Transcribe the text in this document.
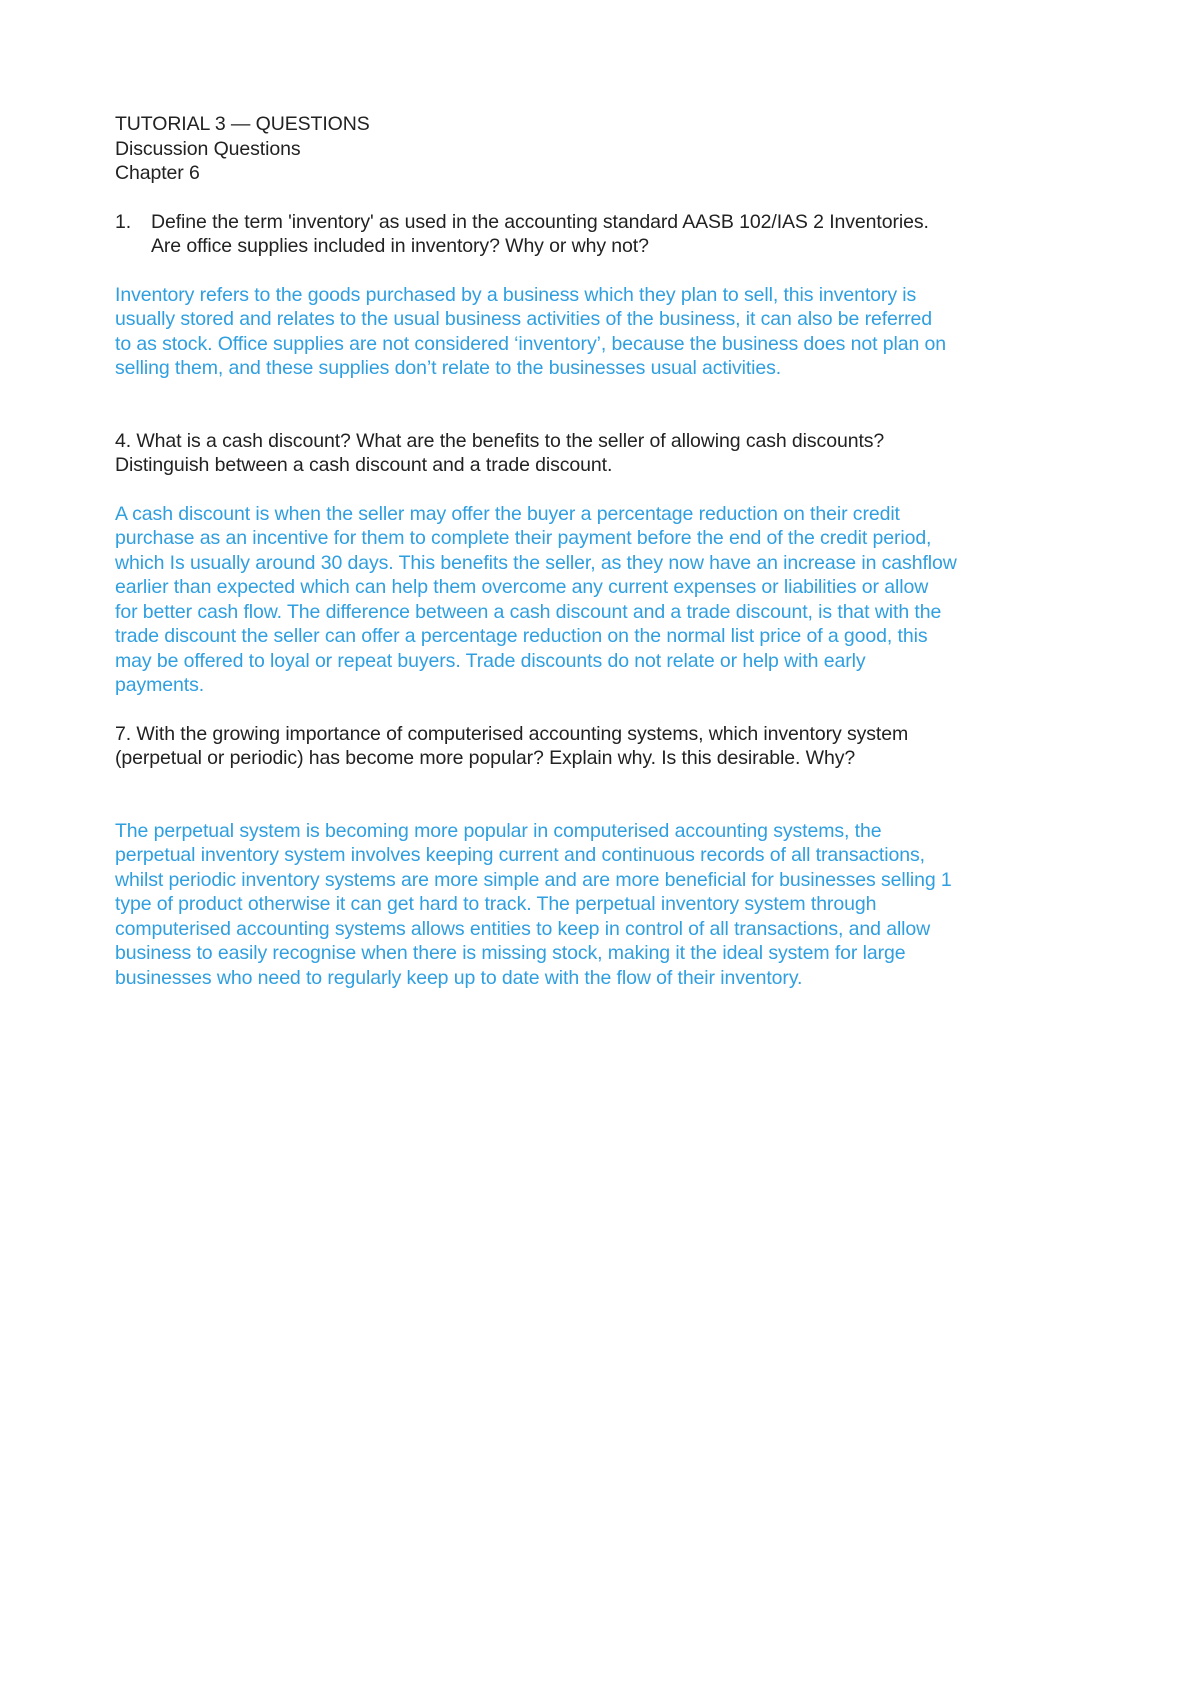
TUTORIAL 3 — QUESTIONS
Discussion Questions
Chapter 6
1. Define the term 'inventory' as used in the accounting standard AASB 102/IAS 2 Inventories.
Are office supplies included in inventory? Why or why not?
Inventory refers to the goods purchased by a business which they plan to sell, this inventory is
usually stored and relates to the usual business activities of the business, it can also be referred
to as stock. Office supplies are not considered ‘inventory’, because the business does not plan on
selling them, and these supplies don’t relate to the businesses usual activities.
4. What is a cash discount? What are the benefits to the seller of allowing cash discounts?
Distinguish between a cash discount and a trade discount.
A cash discount is when the seller may offer the buyer a percentage reduction on their credit
purchase as an incentive for them to complete their payment before the end of the credit period,
which Is usually around 30 days. This benefits the seller, as they now have an increase in cashflow
earlier than expected which can help them overcome any current expenses or liabilities or allow
for better cash flow. The difference between a cash discount and a trade discount, is that with the
trade discount the seller can offer a percentage reduction on the normal list price of a good, this
may be offered to loyal or repeat buyers. Trade discounts do not relate or help with early
payments.
7. With the growing importance of computerised accounting systems, which inventory system
(perpetual or periodic) has become more popular? Explain why. Is this desirable. Why?
The perpetual system is becoming more popular in computerised accounting systems, the
perpetual inventory system involves keeping current and continuous records of all transactions,
whilst periodic inventory systems are more simple and are more beneficial for businesses selling 1
type of product otherwise it can get hard to track. The perpetual inventory system through
computerised accounting systems allows entities to keep in control of all transactions, and allow
business to easily recognise when there is missing stock, making it the ideal system for large
businesses who need to regularly keep up to date with the flow of their inventory.
